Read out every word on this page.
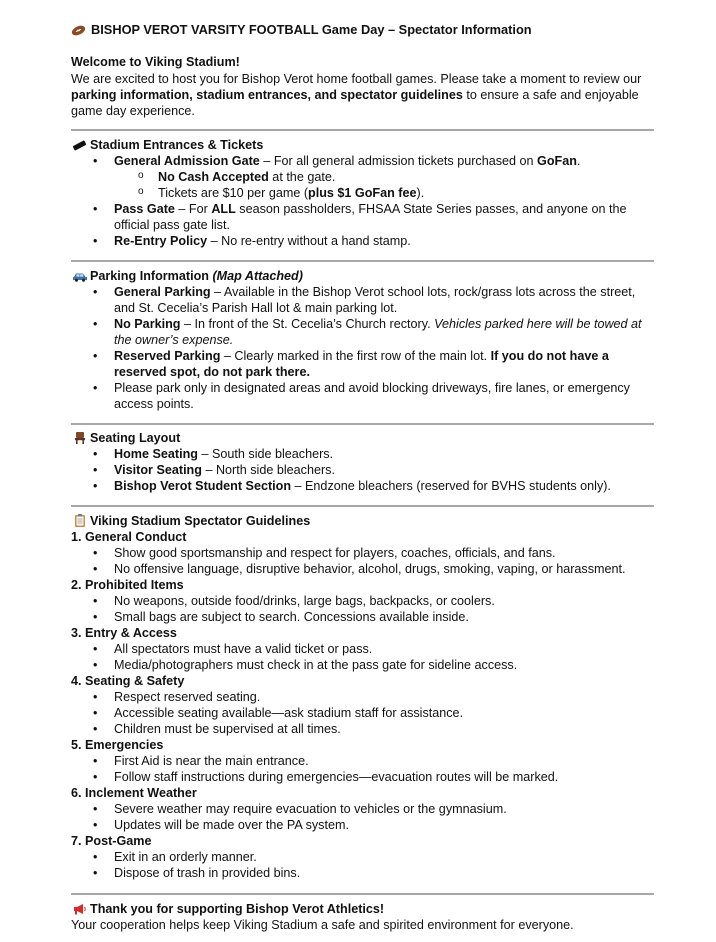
BISHOP VEROT VARSITY FOOTBALL Game Day – Spectator Information
Welcome to Viking Stadium!
We are excited to host you for Bishop Verot home football games. Please take a moment to review our
parking information, stadium entrances, and spectator guidelines to ensure a safe and enjoyable
game day experience.
Stadium Entrances & Tickets
• General Admission Gate – For all general admission tickets purchased on GoFan.
o No Cash Accepted at the gate.
o Tickets are $10 per game (plus $1 GoFan fee).
• Pass Gate – For ALL season passholders, FHSAA State Series passes, and anyone on the
official pass gate list.
• Re-Entry Policy – No re-entry without a hand stamp.
Parking Information (Map Attached)
• General Parking – Available in the Bishop Verot school lots, rock/grass lots across the street,
and St. Cecelia’s Parish Hall lot & main parking lot.
• No Parking – In front of the St. Cecelia’s Church rectory. Vehicles parked here will be towed at
the owner’s expense.
• Reserved Parking – Clearly marked in the first row of the main lot. If you do not have a
reserved spot, do not park there.
• Please park only in designated areas and avoid blocking driveways, fire lanes, or emergency
access points.
Seating Layout
• Home Seating – South side bleachers.
• Visitor Seating – North side bleachers.
• Bishop Verot Student Section – Endzone bleachers (reserved for BVHS students only).
Viking Stadium Spectator Guidelines
1. General Conduct
• Show good sportsmanship and respect for players, coaches, officials, and fans.
• No offensive language, disruptive behavior, alcohol, drugs, smoking, vaping, or harassment.
2. Prohibited Items
• No weapons, outside food/drinks, large bags, backpacks, or coolers.
• Small bags are subject to search. Concessions available inside.
3. Entry & Access
• All spectators must have a valid ticket or pass.
• Media/photographers must check in at the pass gate for sideline access.
4. Seating & Safety
• Respect reserved seating.
• Accessible seating available—ask stadium staff for assistance.
• Children must be supervised at all times.
5. Emergencies
• First Aid is near the main entrance.
• Follow staff instructions during emergencies—evacuation routes will be marked.
6. Inclement Weather
• Severe weather may require evacuation to vehicles or the gymnasium.
• Updates will be made over the PA system.
7. Post-Game
• Exit in an orderly manner.
• Dispose of trash in provided bins.
Thank you for supporting Bishop Verot Athletics!
Your cooperation helps keep Viking Stadium a safe and spirited environment for everyone.
